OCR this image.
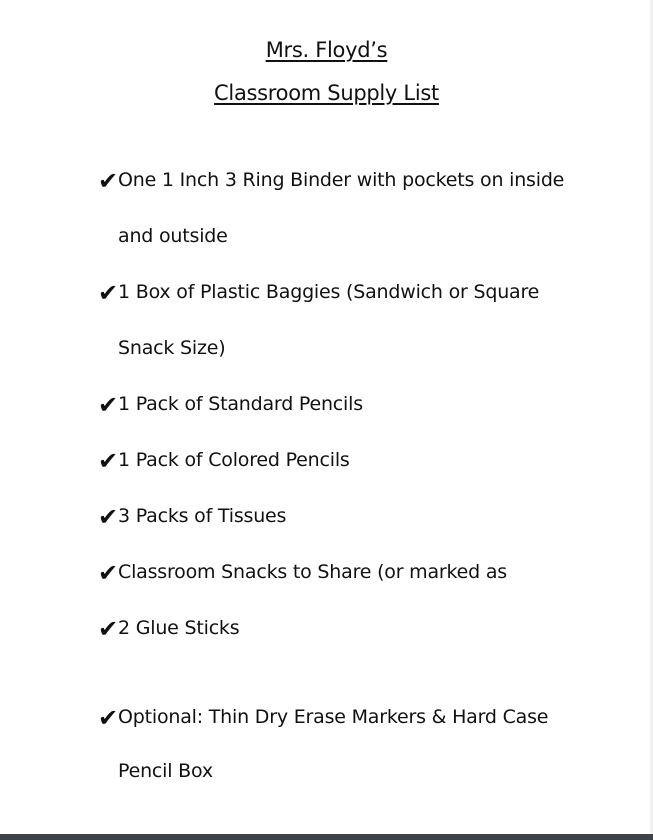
Mrs. Floyd’s
Classroom Supply List
✔ One 1 Inch 3 Ring Binder with pockets on inside
and outside
✔ 1 Box of Plastic Baggies (Sandwich or Square
Snack Size)
✔ 1 Pack of Standard Pencils
✔ 1 Pack of Colored Pencils
✔ 3 Packs of Tissues
✔ Classroom Snacks to Share (or marked as
✔ 2 Glue Sticks
✔ Optional: Thin Dry Erase Markers & Hard Case
Pencil Box
